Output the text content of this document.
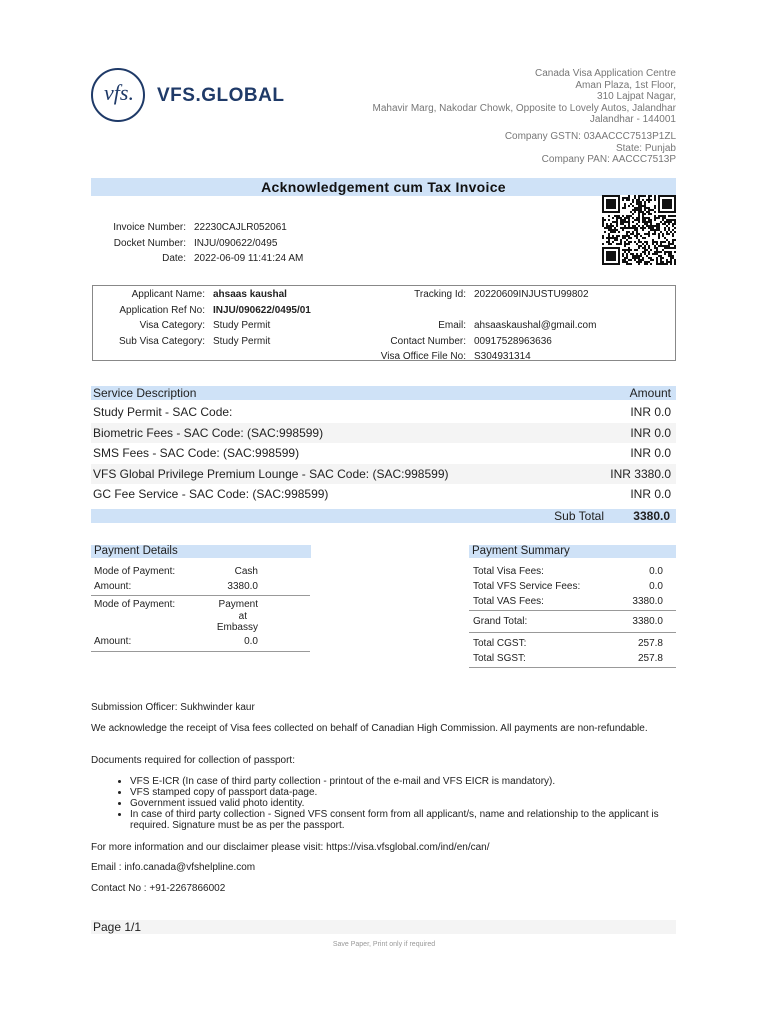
vfs.	VFS.GLOBAL
Canada Visa Application Centre
Aman Plaza, 1st Floor,
310 Lajpat Nagar,
Mahavir Marg, Nakodar Chowk, Opposite to Lovely Autos, Jalandhar
Jalandhar - 144001
Company GSTN: 03AACCC7513P1ZL
State: Punjab
Company PAN: AACCC7513P
Acknowledgement cum Tax Invoice
Invoice Number: 22230CAJLR052061
Docket Number: INJU/090622/0495
Date: 2022-06-09 11:41:24 AM
Applicant Name: ahsaas kaushal
Application Ref No: INJU/090622/0495/01
Visa Category: Study Permit
Sub Visa Category: Study Permit
Tracking Id: 20220609INJUSTU99802

Email: ahsaaskaushal@gmail.com
Contact Number: 00917528963636
Visa Office File No: S304931314
Service Description	Amount
Study Permit - SAC Code:	INR 0.0
Biometric Fees - SAC Code: (SAC:998599)	INR 0.0
SMS Fees - SAC Code: (SAC:998599)	INR 0.0
VFS Global Privilege Premium Lounge - SAC Code: (SAC:998599)	INR 3380.0
GC Fee Service - SAC Code: (SAC:998599)	INR 0.0
Sub Total 3380.0
Payment Details
Mode of Payment:	Cash
Amount:	3380.0
Mode of Payment:	Payment
at
Embassy
Amount:	0.0
Payment Summary
Total Visa Fees:	0.0
Total VFS Service Fees:	0.0
Total VAS Fees:	3380.0
Grand Total:	3380.0
Total CGST:	257.8
Total SGST:	257.8
Submission Officer: Sukhwinder kaur
We acknowledge the receipt of Visa fees collected on behalf of Canadian High Commission. All payments are non-refundable.
Documents required for collection of passport:
• VFS E-ICR (In case of third party collection - printout of the e-mail and VFS EICR is mandatory).
• VFS stamped copy of passport data-page.
• Government issued valid photo identity.
• In case of third party collection - Signed VFS consent form from all applicant/s, name and relationship to the applicant is required. Signature must be as per the passport.
For more information and our disclaimer please visit: https://visa.vfsglobal.com/ind/en/can/
Email : info.canada@vfshelpline.com
Contact No : +91-2267866002
Page 1/1
Save Paper, Print only if required
